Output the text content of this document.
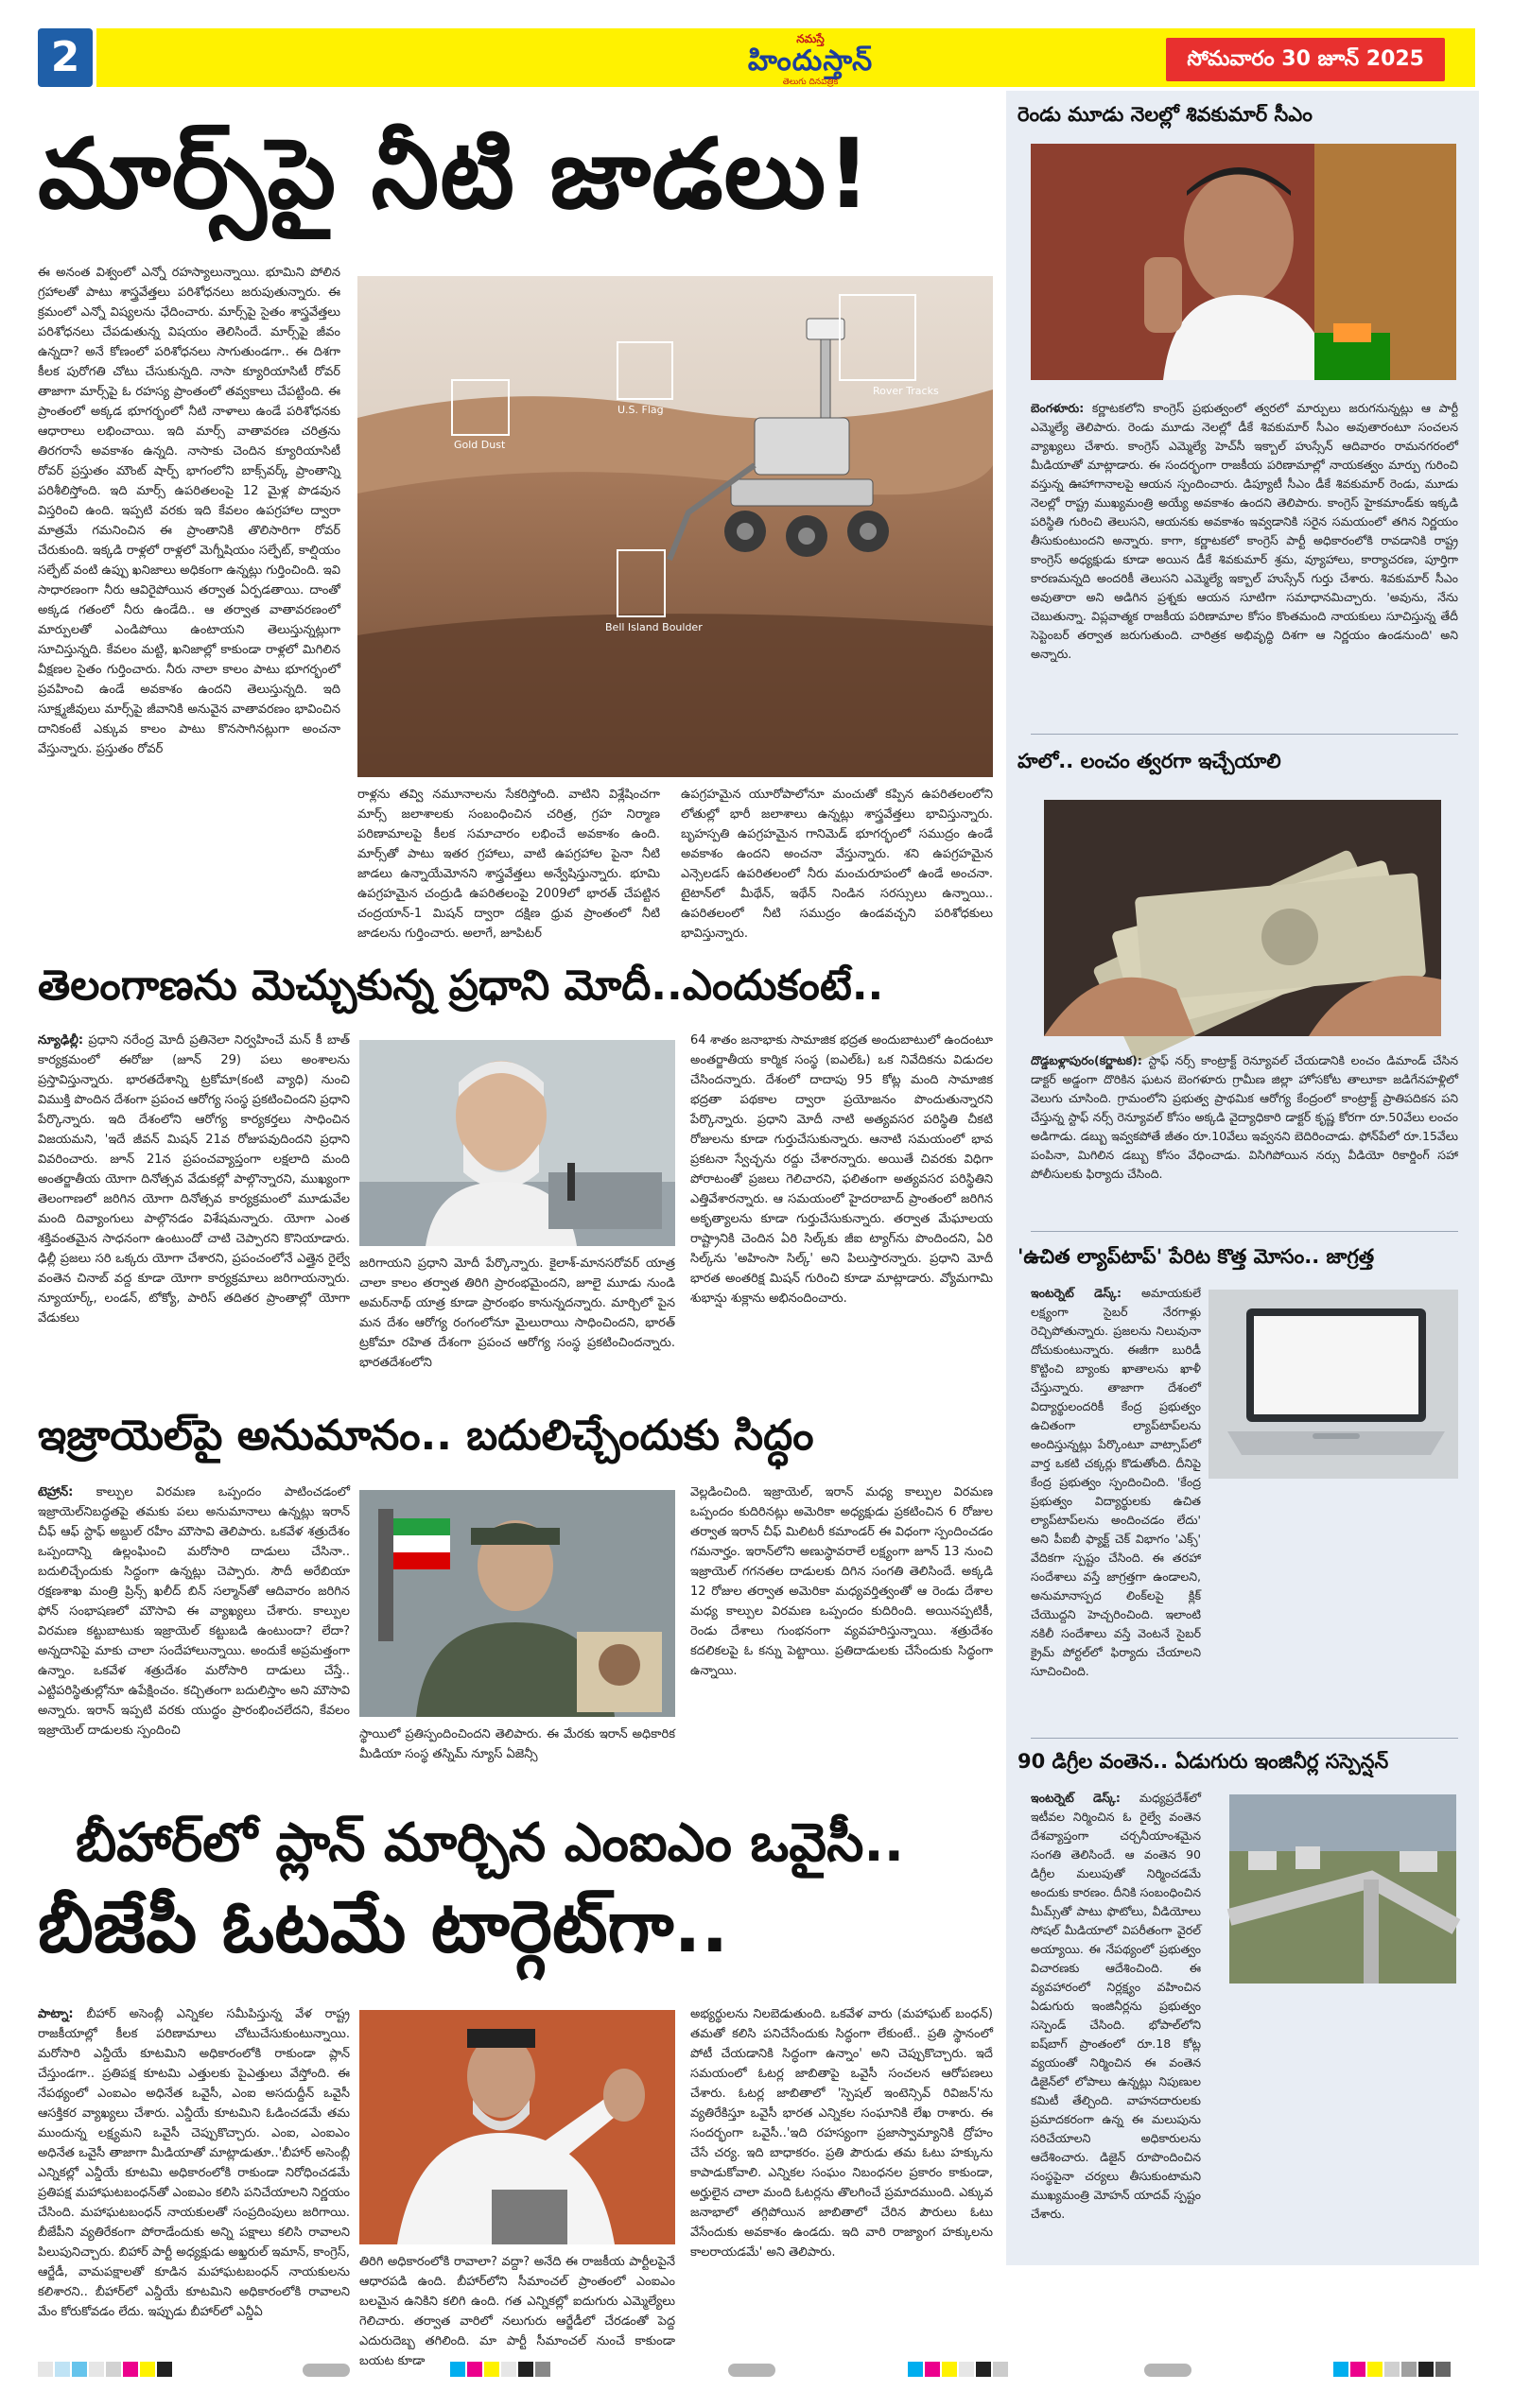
2	నమస్తే
హిందుస్తాన్
తెలుగు దినపత్రిక
సోమవారం 30 జూన్ 2025
మార్స్‌పై నీటి జాడలు!
ఈ అనంత విశ్వంలో ఎన్నో రహస్యాలున్నాయి. భూమిని పోలిన గ్రహాలతో పాటు శాస్త్రవేత్తలు పరిశోధనలు జరుపుతున్నారు. ఈ క్రమంలో ఎన్నో విష్యలను ఛేదించారు. మార్స్‌పై సైతం శాస్త్రవేత్తలు పరిశోధనలు చేపడుతున్న విషయం తెలిసిందే. మార్స్‌పై జీవం ఉన్నదా? అనే కోణంలో పరిశోధనలు సాగుతుండగా.. ఈ దిశగా కీలక పురోగతి చోటు చేసుకున్నది. నాసా క్యూరియాసిటీ రోవర్ తాజాగా మార్స్‌పై ఓ రహస్య ప్రాంతంలో తవ్వకాలు చేపట్టింది. ఈ ప్రాంతంలో అక్కడ భూగర్భంలో నీటి నాళాలు ఉండే పరిశోధనకు ఆధారాలు లభించాయి. ఇది మార్స్ వాతావరణ చరిత్రను తిరగరాసే అవకాశం ఉన్నది. నాసాకు చెందిన క్యూరియాసిటీ రోవర్ ప్రస్తుతం మౌంట్ షార్ప్ భాగంలోని బాక్స్‌వర్క్ ప్రాంతాన్ని పరిశీలిస్తోంది. ఇది మార్స్ ఉపరితలంపై 12 మైళ్ల పొడవున విస్తరించి ఉంది. ఇప్పటి వరకు ఇది కేవలం ఉపగ్రహాల ద్వారా మాత్రమే గమనించిన ఈ ప్రాంతానికి తొలిసారిగా రోవర్ చేరుకుంది. ఇక్కడి రాళ్లలో రాళ్లలో మెగ్నీషియం సల్ఫేట్, కాల్షియం సల్ఫేట్ వంటి ఉప్పు ఖనిజాలు అధికంగా ఉన్నట్లు గుర్తించింది. ఇవి సాధారణంగా నీరు ఆవిరైపోయిన తర్వాత ఏర్పడతాయి. దాంతో అక్కడ గతంలో నీరు ఉండేది.. ఆ తర్వాత వాతావరణంలో మార్పులతో ఎండిపోయి ఉంటాయని తెలుస్తున్నట్లుగా సూచిస్తున్నది. కేవలం మట్టి, ఖనిజాల్లో కాకుండా రాళ్లలో మిగిలిన వీక్షణల సైతం గుర్తించారు. నీరు నాలా కాలం పాటు భూగర్భంలో ప్రవహించి ఉండే అవకాశం ఉందని తెలుస్తున్నది. ఇది సూక్ష్మజీవులు మార్స్‌పై జీవానికి అనువైన వాతావరణం భావించిన దానికంటే ఎక్కువ కాలం పాటు కొనసాగినట్లుగా అంచనా వేస్తున్నారు. ప్రస్తుతం రోవర్
Gold Dust
U.S. Flag
Rover Tracks
Bell Island Boulder
రాళ్లను తవ్వి నమూనాలను సేకరిస్తోంది. వాటిని విశ్లేషించగా మార్స్ జలాశాలకు సంబంధించిన చరిత్ర, గ్రహ నిర్మాణ పరిణామాలపై కీలక సమాచారం లభించే అవకాశం ఉంది. మార్స్‌తో పాటు ఇతర గ్రహాలు, వాటి ఉపగ్రహాల పైనా నీటి జాడలు ఉన్నాయేమోనని శాస్త్రవేత్తలు అన్వేషిస్తున్నారు. భూమి ఉపగ్రహమైన చంద్రుడి ఉపరితలంపై 2009లో భారత్ చేపట్టిన చంద్రయాన్-1 మిషన్ ద్వారా దక్షిణ ధ్రువ ప్రాంతంలో నీటి జాడలను గుర్తించారు. అలాగే, జూపిటర్
ఉపగ్రహమైన యూరోపాలోనూ మంచుతో కప్పిన ఉపరితలంలోని లోతుల్లో భారీ జలాశాలు ఉన్నట్లు శాస్త్రవేత్తలు భావిస్తున్నారు. బృహస్పతి ఉపగ్రహమైన గానిమెడ్ భూగర్భంలో సముద్రం ఉండే అవకాశం ఉందని అంచనా వేస్తున్నారు. శని ఉపగ్రహమైన ఎన్సెలడస్ ఉపరితలంలో నీరు మంచురూపంలో ఉండే అంచనా. టైటాన్‌లో మీథేన్, ఇథేన్ నిండిన సరస్సులు ఉన్నాయి.. ఉపరితలంలో నీటి సముద్రం ఉండవచ్చని పరిశోధకులు భావిస్తున్నారు.
తెలంగాణను మెచ్చుకున్న ప్రధాని మోదీ..ఎందుకంటే..
న్యూఢిల్లీ: ప్రధాని నరేంద్ర మోదీ ప్రతినెలా నిర్వహించే మన్ కీ బాత్ కార్యక్రమంలో ఈరోజు (జూన్ 29) పలు అంశాలను ప్రస్తావిస్తున్నారు. భారతదేశాన్ని ట్రకోమా(కంటి వ్యాధి) నుంచి విముక్తి పొందిన దేశంగా ప్రపంచ ఆరోగ్య సంస్థ ప్రకటించిందని ప్రధాని పేర్కొన్నారు. ఇది దేశంలోని ఆరోగ్య కార్యకర్తలు సాధించిన విజయమని, 'ఇదే జీవన్ మిషన్ 21వ రోజుపవుదిందని ప్రధాని వివరించారు. జూన్ 21న ప్రపంచవ్యాప్తంగా లక్షలాది మంది అంతర్జాతీయ యోగా దినోత్సవ వేడుకల్లో పాల్గొన్నారని, ముఖ్యంగా తెలంగాణలో జరిగిన యోగా దినోత్సవ కార్యక్రమంలో మూడువేల మంది దివ్యాంగులు పాల్గొనడం విశేషమన్నారు. యోగా ఎంత శక్తివంతమైన సాధనంగా ఉంటుందో చాటి చెప్పారని కొనియాడారు. ఢిల్లీ ప్రజలు సరి ఒక్కరు యోగా చేశారని, ప్రపంచంలోనే ఎత్తైన రైల్వే వంతెన చినాబ్ వద్ద కూడా యోగా కార్యక్రమాలు జరిగాయన్నారు. న్యూయార్క్, లండన్, టోక్యో, పారిస్ తదితర ప్రాంతాల్లో యోగా వేడుకలు
జరిగాయని ప్రధాని మోదీ పేర్కొన్నారు. కైలాశ్-మానసరోవర్ యాత్ర చాలా కాలం తర్వాత తిరిగి ప్రారంభమైందని, జూలై మూడు నుండి అమర్‌నాథ్ యాత్ర కూడా ప్రారంభం కానున్నదన్నారు. మార్చిలో పైన మన దేశం ఆరోగ్య రంగంలోనూ మైలురాయి సాధించిందని, భారత్ ట్రకోమా రహిత దేశంగా ప్రపంచ ఆరోగ్య సంస్థ ప్రకటించిందన్నారు. భారతదేశంలోని
64 శాతం జనాభాకు సామాజిక భద్రత అందుబాటులో ఉందంటూ అంతర్జాతీయ కార్మిక సంస్థ (ఐఎల్ఓ) ఒక నివేదికను విడుదల చేసిందన్నారు. దేశంలో దాదాపు 95 కోట్ల మంది సామాజిక భద్రతా పథకాల ద్వారా ప్రయోజనం పొందుతున్నారని పేర్కొన్నారు. ప్రధాని మోదీ నాటి అత్యవసర పరిస్థితి చీకటి రోజులను కూడా గుర్తుచేసుకున్నారు. ఆనాటి సమయంలో భావ ప్రకటనా స్వేచ్ఛను రద్దు చేశారన్నారు. అయితే చివరకు విధిగా పోరాటంతో ప్రజలు గెలిచారని, ఫలితంగా అత్యవసర పరిస్థితిని ఎత్తివేశారన్నారు. ఆ సమయంలో హైదరాబాద్ ప్రాంతంలో జరిగిన అకృత్యాలను కూడా గుర్తుచేసుకున్నారు. తర్వాత మేఘాలయ రాష్ట్రానికి చెందిన ఏరి సిల్క్‌కు జీఐ ట్యాగ్‌ను పొందిందని, ఏరి సిల్క్‌ను 'అహింసా సిల్క్' అని పిలుస్తారన్నారు. ప్రధాని మోదీ భారత అంతరిక్ష మిషన్ గురించి కూడా మాట్లాడారు. వ్యోమగామి శుభాన్షు శుక్లాను అభినందించారు.
ఇజ్రాయెల్‌పై అనుమానం.. బదులిచ్చేందుకు సిద్ధం
టెహ్రాన్: కాల్పుల విరమణ ఒప్పందం పాటించడంలో ఇజ్రాయెల్‌నిబద్ధతపై తమకు పలు అనుమానాలు ఉన్నట్లు ఇరాన్ చీఫ్ ఆఫ్ స్టాఫ్ అబ్దుల్ రహీం మౌసావి తెలిపారు. ఒకవేళ శత్రుదేశం ఒప్పందాన్ని ఉల్లంఘించి మరోసారి దాడులు చేసినా.. బదులిచ్చేందుకు సిద్ధంగా ఉన్నట్లు చెప్పారు. సౌదీ అరేబియా రక్షణశాఖ మంత్రి ప్రిన్స్ ఖలీద్ బిన్ సల్మాన్‌తో ఆదివారం జరిగిన ఫోన్ సంభాషణలో మౌసావి ఈ వ్యాఖ్యలు చేశారు. కాల్పుల విరమణ కట్టుబాటుకు ఇజ్రాయెల్ కట్టుబడి ఉంటుందా? లేదా? అన్నదానిపై మాకు చాలా సందేహాలున్నాయి. అందుకే అప్రమత్తంగా ఉన్నాం. ఒకవేళ శత్రుదేశం మరోసారి దాడులు చేస్తే.. ఎట్టిపరిస్థితుల్లోనూ ఉపేక్షించం. కచ్చితంగా బదులిస్తాం అని మౌసావి అన్నారు. ఇరాన్ ఇప్పటి వరకు యుద్ధం ప్రారంభించలేదని, కేవలం ఇజ్రాయెల్ దాడులకు స్పందించి	స్థాయిలో ప్రతిస్పందించిందని తెలిపారు. ఈ మేరకు ఇరాన్ అధికారిక మీడియా సంస్థ తస్నిమ్ న్యూస్ ఏజెన్సీ
వెల్లడించింది. ఇజ్రాయెల్, ఇరాన్ మధ్య కాల్పుల విరమణ ఒప్పందం కుదిరినట్లు అమెరికా అధ్యక్షుడు ప్రకటించిన 6 రోజుల తర్వాత ఇరాన్ చీఫ్ మిలిటరీ కమాండర్ ఈ విధంగా స్పందించడం గమనార్హం. ఇరాన్‌లోని అణుస్థావరాలే లక్ష్యంగా జూన్ 13 నుంచి ఇజ్రాయెల్ గగనతల దాడులకు దిగిన సంగతి తెలిసిందే. అక్కడి 12 రోజుల తర్వాత అమెరికా మధ్యవర్తిత్వంతో ఆ రెండు దేశాల మధ్య కాల్పుల విరమణ ఒప్పందం కుదిరింది. అయినప్పటికీ, రెండు దేశాలు గుంభనంగా వ్యవహరిస్తున్నాయి. శత్రుదేశం కదలికలపై ఓ కన్ను పెట్టాయి. ప్రతిదాడులకు చేసేందుకు సిద్ధంగా ఉన్నాయి.
బీహార్‌లో ప్లాన్ మార్చిన ఎంఐఎం ఒవైసీ..
బీజేపీ ఓటమే టార్గెట్‌గా..
పాట్నా: బీహార్ అసెంబ్లీ ఎన్నికల సమీపిస్తున్న వేళ రాష్ట్ర రాజకీయాల్లో కీలక పరిణామాలు చోటుచేసుకుంటున్నాయి. మరోసారి ఎన్డీయే కూటమిని అధికారంలోకి రాకుండా ప్లాన్ చేస్తుండగా.. ప్రతిపక్ష కూటమి ఎత్తులకు పైఎత్తులు వేస్తోంది. ఈ నేపథ్యంలో ఎంఐఎం అధినేత ఒవైసీ, ఎంఐ అసదుద్దీన్ ఒవైసీ ఆసక్తికర వ్యాఖ్యలు చేశారు. ఎన్డీయే కూటమిని ఓడించడమే తమ ముందున్న లక్ష్యమని ఒవైసీ చెప్పుకొచ్చారు. ఎంఐ, ఎంఐఎం అధినేత ఒవైసీ తాజాగా మీడియాతో మాట్లాడుతూ..'బీహార్ అసెంబ్లీ ఎన్నికల్లో ఎన్డీయే కూటమి అధికారంలోకి రాకుండా నిరోధించడమే ప్రతిపక్ష మహాఘటబంధన్‌తో ఎంఐఎం కలిసి పనిచేయాలని నిర్ణయం చేసింది. మహాఘటబంధన్ నాయకులతో సంప్రదింపులు జరిగాయి. బీజేపీని వ్యతిరేకంగా పోరాడేందుకు అన్ని పక్షాలు కలిసి రావాలని పిలుపునిచ్చారు. బిహార్ పార్టీ అధ్యక్షుడు అఖ్తరుల్ ఇమాన్, కాంగ్రెస్, ఆర్జేడీ, వామపక్షాలతో కూడిన మహాఘటబంధన్ నాయకులను కలిశారని.. బీహార్‌లో ఎన్డీయే కూటమిని అధికారంలోకి రావాలని మేం కోరుకోవడం లేదు. ఇప్పుడు బీహార్‌లో ఎన్డీఏ
తిరిగి అధికారంలోకి రావాలా? వద్దా? అనేది ఈ రాజకీయ పార్టీలపైనే ఆధారపడి ఉంది. బీహార్‌లోని సీమాంచల్ ప్రాంతంలో ఎంఐఎం బలమైన ఉనికిని కలిగి ఉంది. గత ఎన్నికల్లో ఐదుగురు ఎమ్మెల్యేలు గెలిచారు. తర్వాత వారిలో నలుగురు ఆర్జేడీలో చేరడంతో పెద్ద ఎదురుదెబ్బ తగిలింది. మా పార్టీ సీమాంచల్ నుంచే కాకుండా బయట కూడా
అభ్యర్థులను నిలబెడుతుంది. ఒకవేళ వారు (మహాఘట్ బంధన్) తమతో కలిసి పనిచేసేందుకు సిద్ధంగా లేకుంటే.. ప్రతి స్థానంలో పోటీ చేయడానికి సిద్ధంగా ఉన్నాం' అని చెప్పుకొచ్చారు. ఇదే సమయంలో ఓటర్ల జాబితాపై ఒవైసీ సంచలన ఆరోపణలు చేశారు. ఓటర్ల జాబితాలో 'స్పెషల్ ఇంటెన్సివ్ రివిజన్‌'ను వ్యతిరేకిస్తూ ఒవైసీ భారత ఎన్నికల సంఘానికి లేఖ రాశారు. ఈ సందర్భంగా ఒవైసీ..'ఇది రహస్యంగా ప్రజాస్వామ్యానికి ద్రోహం చేసే చర్య. ఇది బాధాకరం. ప్రతి పౌరుడు తమ ఓటు హక్కును కాపాడుకోవాలి. ఎన్నికల సంఘం నిబంధనల ప్రకారం కాకుండా, అర్హులైన చాలా మంది ఓటర్లను తొలగించే ప్రమాదముంది. ఎక్కువ జనాభాలో తగ్గిపోయిన జాబితాలో చేరిన పౌరులు ఓటు వేసేందుకు అవకాశం ఉండదు. ఇది వారి రాజ్యాంగ హక్కులను కాలరాయడమే' అని తెలిపారు.
రెండు మూడు నెలల్లో శివకుమార్ సీఎం
బెంగళూరు: కర్ణాటకలోని కాంగ్రెస్ ప్రభుత్వంలో త్వరలో మార్పులు జరుగనున్నట్లు ఆ పార్టీ ఎమ్మెల్యే తెలిపారు. రెండు మూడు నెలల్లో డీకే శివకుమార్ సీఎం అవుతారంటూ సంచలన వ్యాఖ్యలు చేశారు. కాంగ్రెస్ ఎమ్మెల్యే హెచ్‌సీ ఇక్బాల్ హుస్సేన్ ఆదివారం రామనగరంలో మీడియాతో మాట్లాడారు. ఈ సందర్భంగా రాజకీయ పరిణామాల్లో నాయకత్వం మార్పు గురించి వస్తున్న ఊహాగానాలపై ఆయన స్పందించారు. డిప్యూటీ సీఎం డీకే శివకుమార్ రెండు, మూడు నెలల్లో రాష్ట్ర ముఖ్యమంత్రి అయ్యే అవకాశం ఉందని తెలిపారు. కాంగ్రెస్ హైకమాండ్‌కు ఇక్కడి పరిస్థితి గురించి తెలుసని, ఆయనకు అవకాశం ఇవ్వడానికి సరైన సమయంలో తగిన నిర్ణయం తీసుకుంటుందని అన్నారు. కాగా, కర్ణాటకలో కాంగ్రెస్ పార్టీ అధికారంలోకి రావడానికి రాష్ట్ర కాంగ్రెస్ అధ్యక్షుడు కూడా అయిన డీకే శివకుమార్ శ్రమ, వ్యూహాలు, కార్యాచరణ, పూర్తిగా కారణమన్నది అందరికీ తెలుసని ఎమ్మెల్యే ఇక్బాల్ హుస్సేన్ గుర్తు చేశారు. శివకుమార్ సీఎం అవుతారా అని అడిగిన ప్రశ్నకు ఆయన సూటిగా సమాధానమిచ్చారు. 'అవును, నేను చెబుతున్నా. విప్లవాత్మక రాజకీయ పరిణామాల కోసం కొంతమంది నాయకులు సూచిస్తున్న తేదీ సెప్టెంబర్ తర్వాత జరుగుతుంది. చారిత్రక అభివృద్ధి దిశగా ఆ నిర్ణయం ఉండనుంది' అని అన్నారు.
హలో.. లంచం త్వరగా ఇచ్చేయాలి
దొడ్డబళ్లాపురం(కర్ణాటక): స్టాఫ్ నర్స్ కాంట్రాక్ట్ రెన్యూవల్ చేయడానికి లంచం డిమాండ్ చేసిన డాక్టర్ అడ్డంగా దొరికిన ఘటన బెంగళూరు గ్రామీణ జిల్లా హోసకోట తాలూకా జడిగేనహళ్లిలో వెలుగు చూసింది. గ్రామంలోని ప్రభుత్వ ప్రాథమిక ఆరోగ్య కేంద్రంలో కాంట్రాక్ట్ ప్రాతిపదికన పని చేస్తున్న స్టాఫ్ నర్స్ రెన్యూవల్ కోసం అక్కడి వైద్యాధికారి డాక్టర్ కృష్ణ కోరగా రూ.50వేలు లంచం అడిగాడు. డబ్బు ఇవ్వకపోతే జీతం రూ.10వేలు ఇవ్వనని బెదిరించాడు. ఫోన్‌పేలో రూ.15వేలు పంపినా, మిగిలిన డబ్బు కోసం వేధించాడు. విసిగిపోయిన నర్సు వీడియో రికార్డింగ్ సహా పోలీసులకు ఫిర్యాదు చేసింది.
'ఉచిత ల్యాప్‌టాప్' పేరిట కొత్త మోసం.. జాగ్రత్త
ఇంటర్నెట్ డెస్క్: అమాయకులే లక్ష్యంగా సైబర్ నేరగాళ్లు రెచ్చిపోతున్నారు. ప్రజలను నిలువునా దోచుకుంటున్నారు. ఈజీగా బురిడీ కొట్టించి బ్యాంకు ఖాతాలను ఖాళీ చేస్తున్నారు. తాజాగా దేశంలో విద్యార్థులందరికీ కేంద్ర ప్రభుత్వం ఉచితంగా ల్యాప్‌టాప్‌లను అందిస్తున్నట్లు పేర్కొంటూ వాట్సాప్‌లో వార్త ఒకటి చక్కర్లు కొడుతోంది. దీనిపై కేంద్ర ప్రభుత్వం స్పందించింది. 'కేంద్ర ప్రభుత్వం విద్యార్థులకు ఉచిత ల్యాప్‌టాప్‌లను అందించడం లేదు' అని పీఐబీ ఫ్యాక్ట్ చెక్ విభాగం 'ఎక్స్' వేదికగా స్పష్టం చేసింది. ఈ తరహా సందేశాలు వస్తే జాగ్రత్తగా ఉండాలని, అనుమానాస్పద లింక్‌లపై క్లిక్ చేయొద్దని హెచ్చరించింది. ఇలాంటి నకిలీ సందేశాలు వస్తే వెంటనే సైబర్ క్రైమ్ పోర్టల్‌లో ఫిర్యాదు చేయాలని సూచించింది.
90 డిగ్రీల వంతెన.. ఏడుగురు ఇంజినీర్ల సస్పెన్షన్
ఇంటర్నెట్ డెస్క్: మధ్యప్రదేశ్‌లో ఇటీవల నిర్మించిన ఓ రైల్వే వంతెన దేశవ్యాప్తంగా చర్చనీయాంశమైన సంగతి తెలిసిందే. ఆ వంతెన 90 డిగ్రీల మలుపుతో నిర్మించడమే అందుకు కారణం. దీనికి సంబంధించిన మీమ్స్‌తో పాటు ఫొటోలు, వీడియోలు సోషల్ మీడియాలో విపరీతంగా వైరల్ అయ్యాయి. ఈ నేపథ్యంలో ప్రభుత్వం విచారణకు ఆదేశించింది. ఈ వ్యవహారంలో నిర్లక్ష్యం వహించిన ఏడుగురు ఇంజినీర్లను ప్రభుత్వం సస్పెండ్ చేసింది. భోపాల్‌లోని ఐష్‌బాగ్ ప్రాంతంలో రూ.18 కోట్ల వ్యయంతో నిర్మించిన ఈ వంతెన డిజైన్‌లో లోపాలు ఉన్నట్లు నిపుణుల కమిటీ తేల్చింది. వాహనదారులకు ప్రమాదకరంగా ఉన్న ఈ మలుపును సరిచేయాలని అధికారులను ఆదేశించారు. డిజైన్ రూపొందించిన సంస్థపైనా చర్యలు తీసుకుంటామని ముఖ్యమంత్రి మోహన్ యాదవ్ స్పష్టం చేశారు.
